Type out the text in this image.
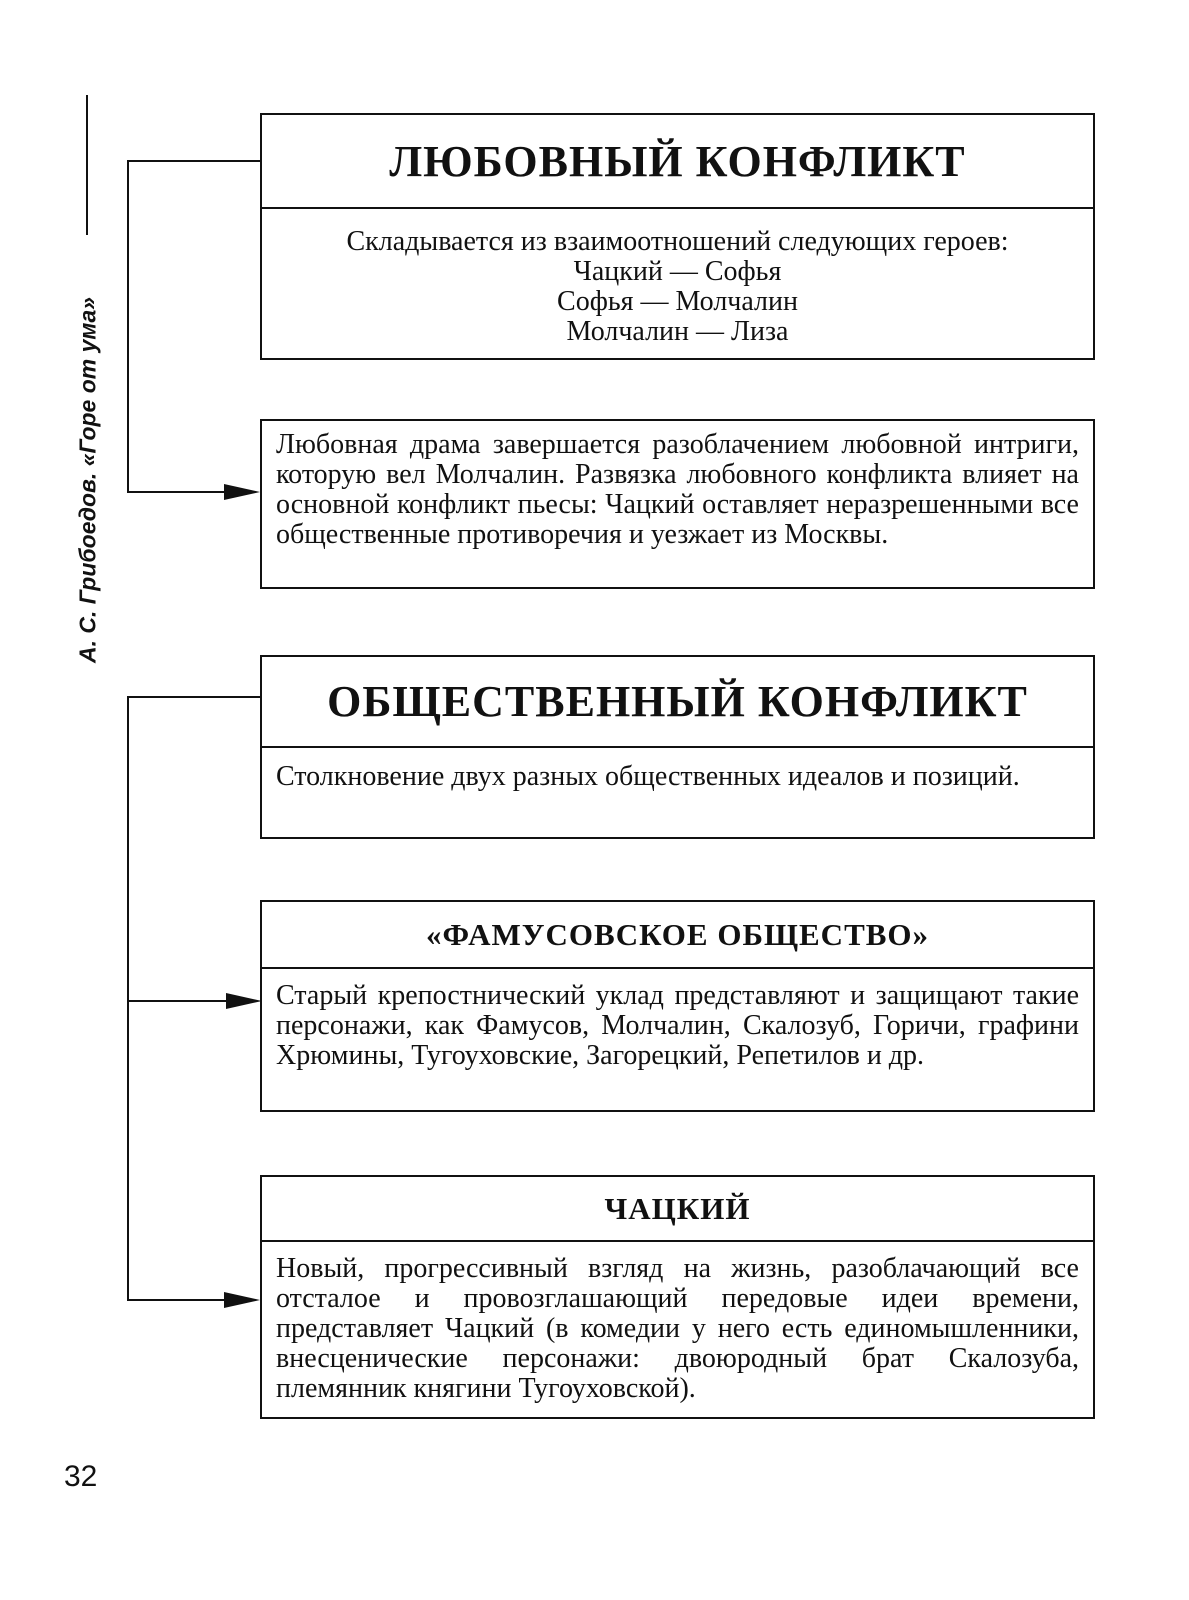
А. С. Грибоедов. «Горе от ума»
ЛЮБОВНЫЙ КОНФЛИКТ
Складывается из взаимоотношений следующих героев:
Чацкий — Софья
Софья — Молчалин
Молчалин — Лиза
Любовная драма завершается разоблачением любовной интриги, которую вел Молчалин. Развязка любовного конфликта влияет на основной конфликт пьесы: Чацкий оставляет неразрешенными все общественные противоречия и уезжает из Москвы.
ОБЩЕСТВЕННЫЙ КОНФЛИКТ
Столкновение двух разных общественных идеалов и позиций.
«ФАМУСОВСКОЕ ОБЩЕСТВО»
Старый крепостнический уклад представляют и защищают такие персонажи, как Фамусов, Молчалин, Скалозуб, Горичи, графини Хрюмины, Тугоуховские, Загорецкий, Репетилов и др.
ЧАЦКИЙ
Новый, прогрессивный взгляд на жизнь, разоблачающий все отсталое и провозглашающий передовые идеи времени, представляет Чацкий (в комедии у него есть единомышленники, внесценические персонажи: двоюродный брат Скалозуба, племянник княгини Тугоуховской).
32
